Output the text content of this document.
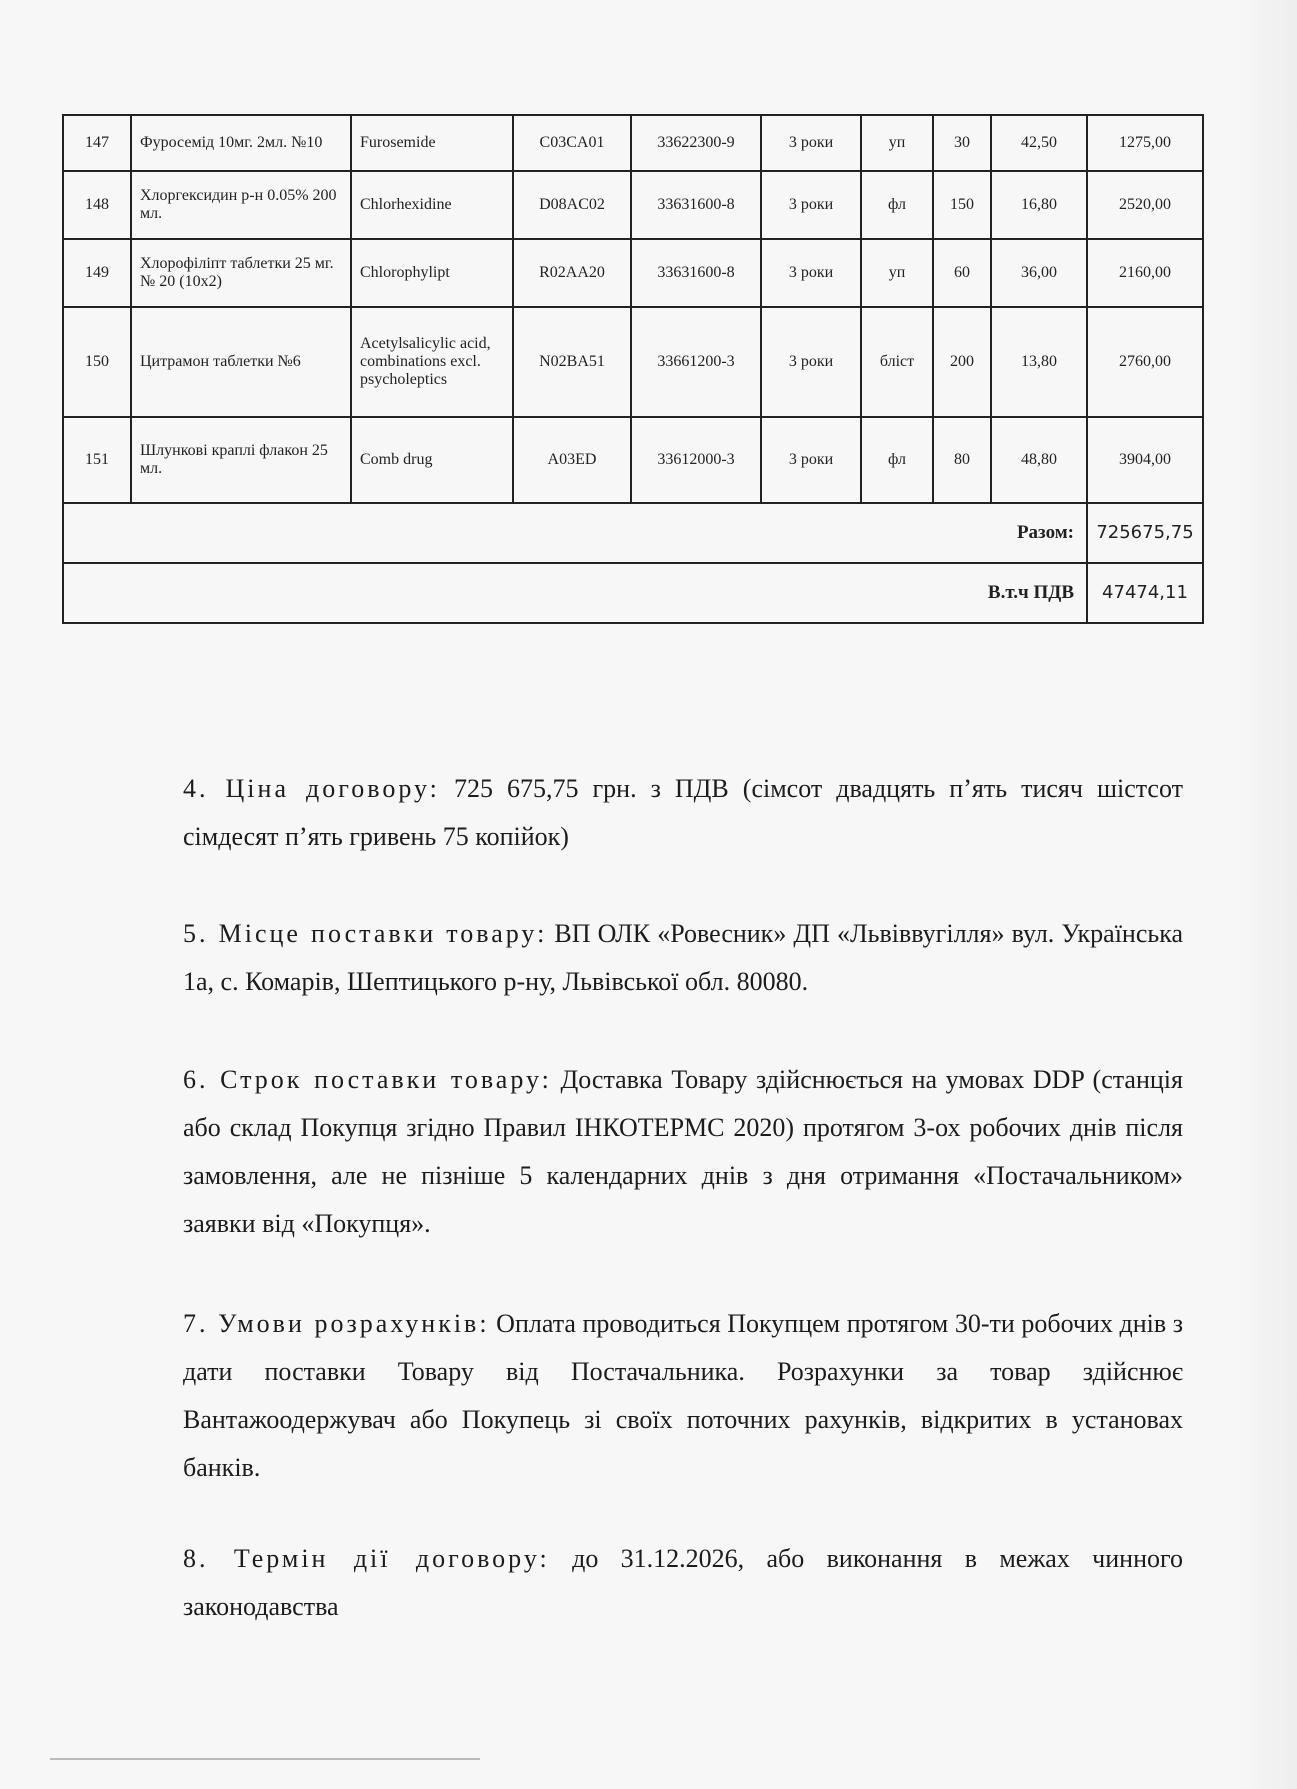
147	Фуросемід 10мг. 2мл. №10	Furosemide	C03CA01	33622300-9	3 роки	уп	30	42,50	1275,00
148	Хлоргексидин р-н 0.05% 200 мл.	Chlorhexidine	D08AC02	33631600-8	3 роки	фл	150	16,80	2520,00
149	Хлорофіліпт таблетки 25 мг. № 20 (10х2)	Chlorophylipt	R02AA20	33631600-8	3 роки	уп	60	36,00	2160,00
150	Цитрамон таблетки №6	Acetylsalicylic acid, combinations excl. psycholeptics	N02BA51	33661200-3	3 роки	бліст	200	13,80	2760,00
151	Шлункові краплі флакон 25 мл.	Comb drug	A03ED	33612000-3	3 роки	фл	80	48,80	3904,00
Разом:									725675,75
В.т.ч ПДВ									47474,11
4. Ціна договору: 725 675,75 грн. з ПДВ (сімсот двадцять п’ять тисяч шістсот сімдесят п’ять гривень 75 копійок)
5. Місце поставки товару: ВП ОЛК «Ровесник» ДП «Львіввугілля» вул. Українська 1а, с. Комарів, Шептицького р-ну, Львівської обл. 80080.
6. Строк поставки товару: Доставка Товару здійснюється на умовах DDP (станція або склад Покупця згідно Правил ІНКОТЕРМС 2020) протягом 3-ох робочих днів після замовлення, але не пізніше 5 календарних днів з дня отримання «Постачальником» заявки від «Покупця».
7. Умови розрахунків: Оплата проводиться Покупцем протягом 30-ти робочих днів з дати поставки Товару від Постачальника. Розрахунки за товар здійснює Вантажоодержувач або Покупець зі своїх поточних рахунків, відкритих в установах банків.
8. Термін дії договору: до 31.12.2026, або виконання в межах чинного законодавства
